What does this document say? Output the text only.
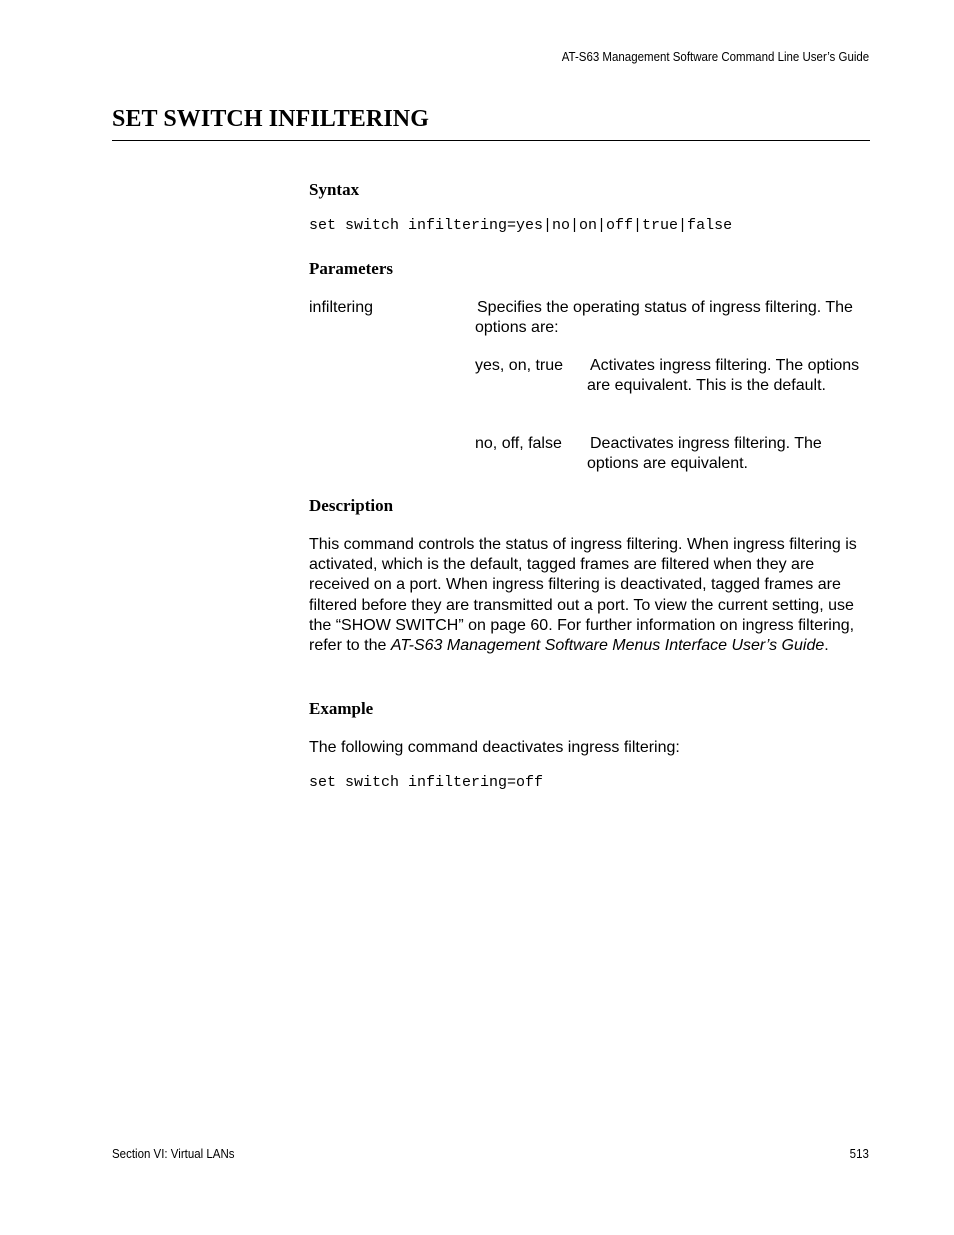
AT-S63 Management Software Command Line User’s Guide
SET SWITCH INFILTERING
Syntax
set switch infiltering=yes|no|on|off|true|false
Parameters
infiltering	Specifies the operating status of ingress filtering. The options are:
yes, on, true Activates ingress filtering. The options are equivalent. This is the default.
no, off, false Deactivates ingress filtering. The options are equivalent.
Description

This command controls the status of ingress filtering. When ingress filtering is activated, which is the default, tagged frames are filtered when they are received on a port. When ingress filtering is deactivated, tagged frames are filtered before they are transmitted out a port. To view the current setting, use the “SHOW SWITCH” on page 60. For further information on ingress filtering, refer to the AT-S63 Management Software Menus Interface User’s Guide.

Example

The following command deactivates ingress filtering:

set switch infiltering=off
Section VI: Virtual LANs	513
